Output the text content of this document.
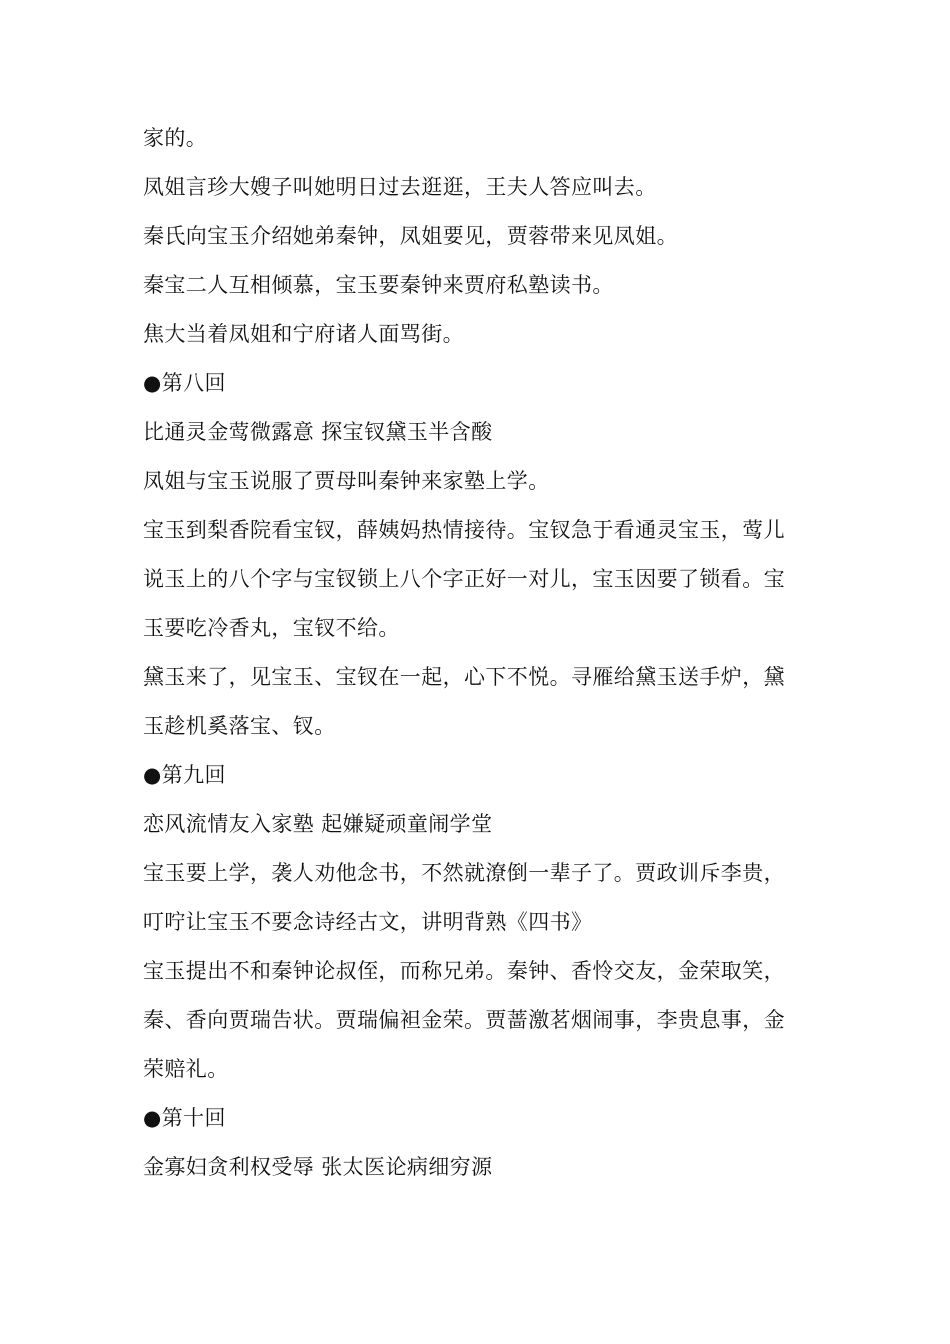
家的。
凤姐言珍大嫂子叫她明日过去逛逛，王夫人答应叫去。
秦氏向宝玉介绍她弟秦钟，凤姐要见，贾蓉带来见凤姐。
秦宝二人互相倾慕，宝玉要秦钟来贾府私塾读书。
焦大当着凤姐和宁府诸人面骂街。
●第八回
比通灵金莺微露意 探宝钗黛玉半含酸
凤姐与宝玉说服了贾母叫秦钟来家塾上学。
宝玉到梨香院看宝钗，薛姨妈热情接待。宝钗急于看通灵宝玉，莺儿
说玉上的八个字与宝钗锁上八个字正好一对儿，宝玉因要了锁看。宝
玉要吃冷香丸，宝钗不给。
黛玉来了，见宝玉、宝钗在一起，心下不悦。寻雁给黛玉送手炉，黛
玉趁机奚落宝、钗。
●第九回
恋风流情友入家塾 起嫌疑顽童闹学堂
宝玉要上学，袭人劝他念书，不然就潦倒一辈子了。贾政训斥李贵，
叮咛让宝玉不要念诗经古文，讲明背熟《四书》
宝玉提出不和秦钟论叔侄，而称兄弟。秦钟、香怜交友，金荣取笑，
秦、香向贾瑞告状。贾瑞偏袒金荣。贾蔷激茗烟闹事，李贵息事，金
荣赔礼。
●第十回
金寡妇贪利权受辱 张太医论病细穷源
